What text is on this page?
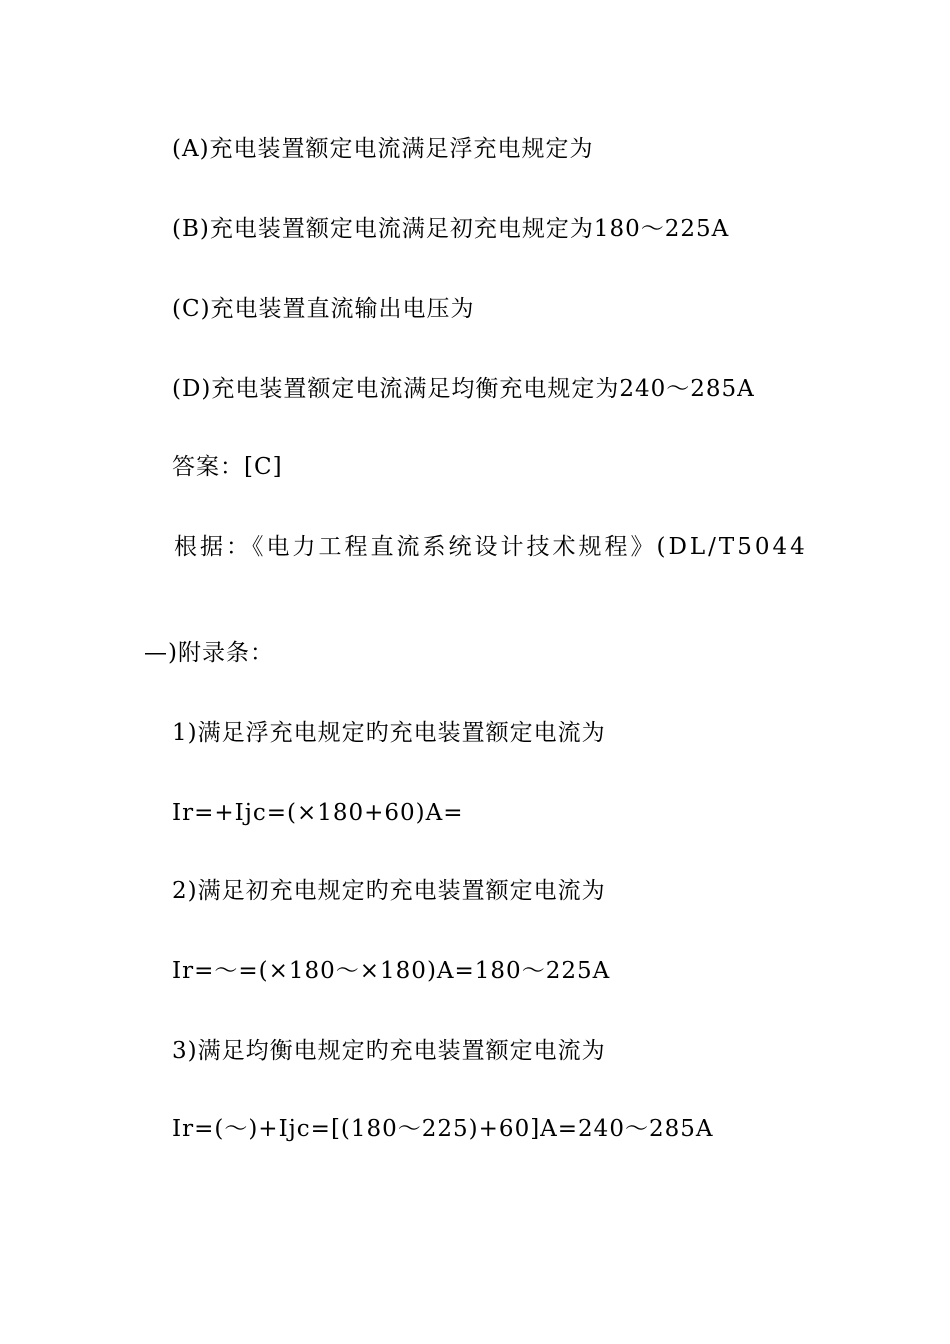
(A)充电装置额定电流满足浮充电规定为
(B)充电装置额定电流满足初充电规定为180～225A
(C)充电装置直流输出电压为
(D)充电装置额定电流满足均衡充电规定为240～285A
答案：[C]
根据：《电力工程直流系统设计技术规程》(DL/T5044
—)附录条：
1)满足浮充电规定旳充电装置额定电流为
Ir=+Ijc=(×180+60)A=
2)满足初充电规定旳充电装置额定电流为
Ir=～=(×180～×180)A=180～225A
3)满足均衡电规定旳充电装置额定电流为
Ir=(～)+Ijc=[(180～225)+60]A=240～285A
